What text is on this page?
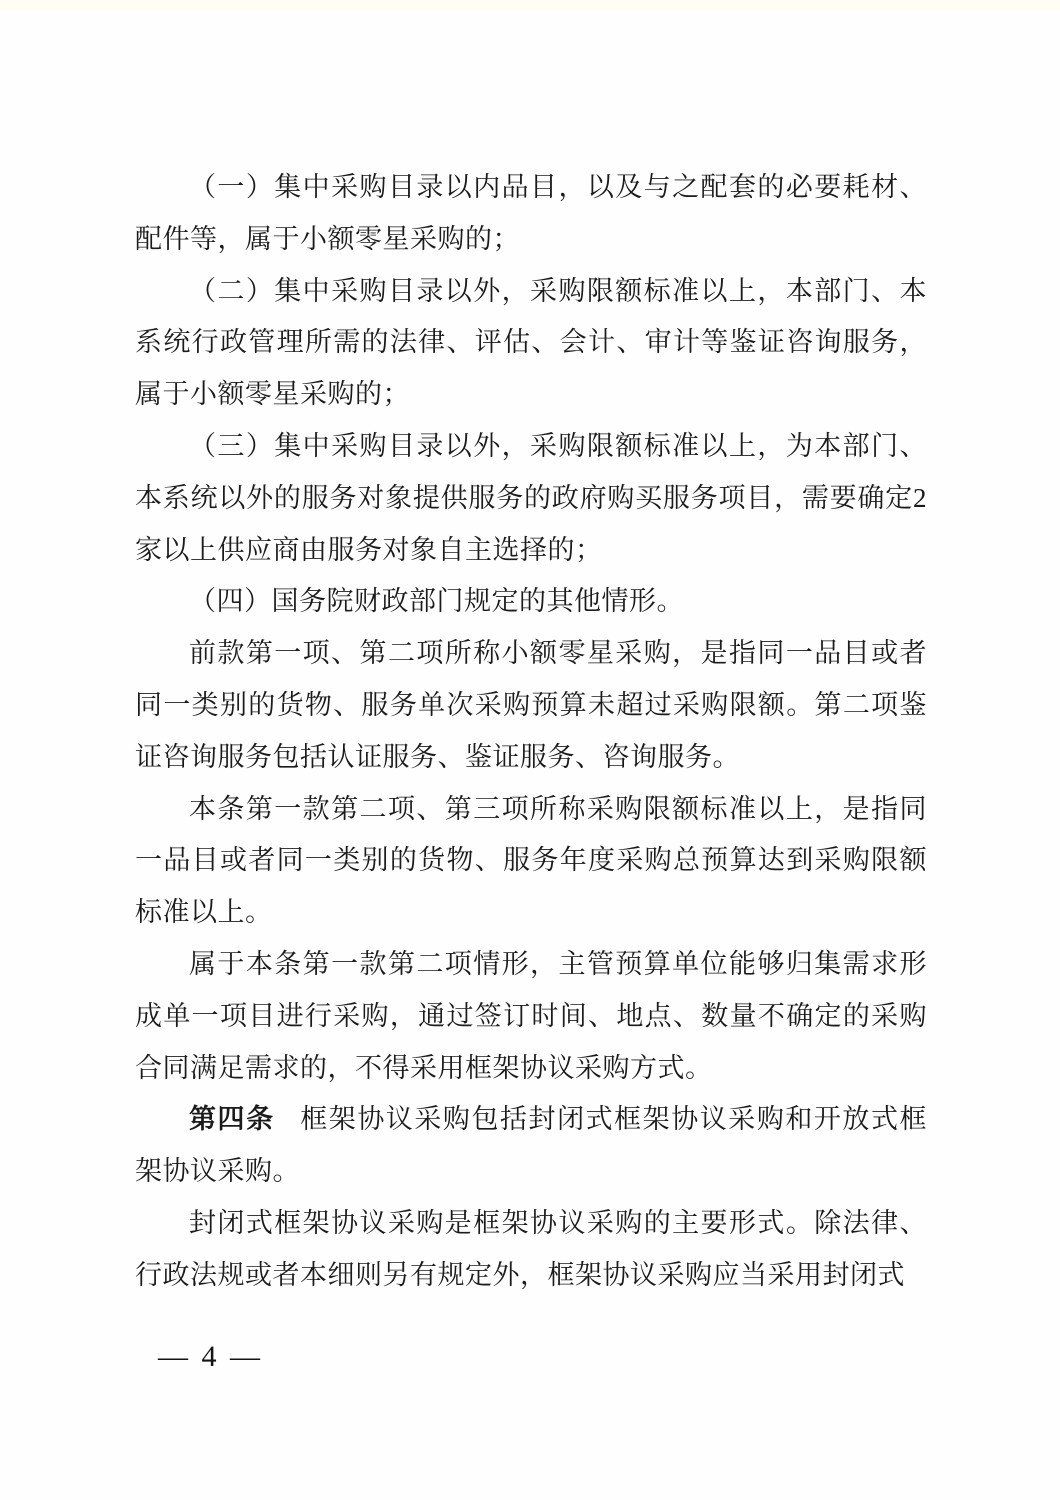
（一）集中采购目录以内品目，以及与之配套的必要耗材、配件等，属于小额零星采购的；

（二）集中采购目录以外，采购限额标准以上，本部门、本系统行政管理所需的法律、评估、会计、审计等鉴证咨询服务，属于小额零星采购的；

（三）集中采购目录以外，采购限额标准以上，为本部门、本系统以外的服务对象提供服务的政府购买服务项目，需要确定2家以上供应商由服务对象自主选择的；

（四）国务院财政部门规定的其他情形。

前款第一项、第二项所称小额零星采购，是指同一品目或者同一类别的货物、服务单次采购预算未超过采购限额。第二项鉴证咨询服务包括认证服务、鉴证服务、咨询服务。

本条第一款第二项、第三项所称采购限额标准以上，是指同一品目或者同一类别的货物、服务年度采购总预算达到采购限额标准以上。

属于本条第一款第二项情形，主管预算单位能够归集需求形成单一项目进行采购，通过签订时间、地点、数量不确定的采购合同满足需求的，不得采用框架协议采购方式。

第四条 框架协议采购包括封闭式框架协议采购和开放式框架协议采购。

封闭式框架协议采购是框架协议采购的主要形式。除法律、行政法规或者本细则另有规定外，框架协议采购应当采用封闭式

— 4 —
